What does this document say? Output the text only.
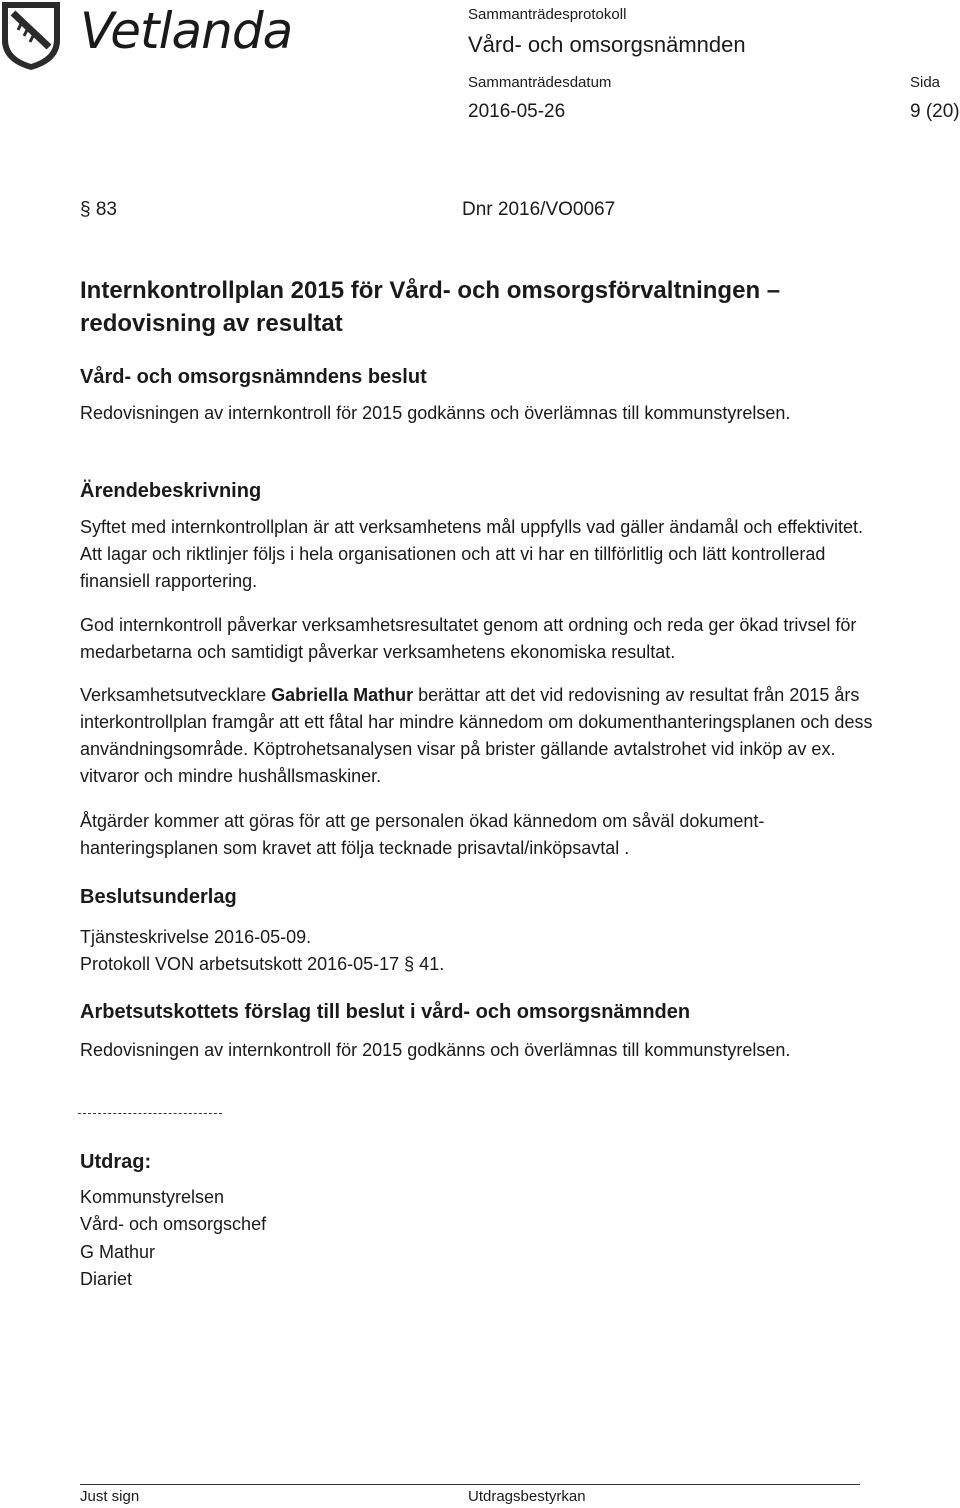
Vetlanda	Sammanträdesprotokoll
Vård- och omsorgsnämnden
Sammanträdesdatum
2016-05-26
Sida
9 (20)
§ 83	Dnr 2016/VO0067
Internkontrollplan 2015 för Vård- och omsorgsförvaltningen –
redovisning av resultat
Vård- och omsorgsnämndens beslut
Redovisningen av internkontroll för 2015 godkänns och överlämnas till kommunstyrelsen.
Ärendebeskrivning
Syftet med internkontrollplan är att verksamhetens mål uppfylls vad gäller ändamål och effektivitet. Att lagar och riktlinjer följs i hela organisationen och att vi har en tillförlitlig och lätt kontrollerad finansiell rapportering.
God internkontroll påverkar verksamhetsresultatet genom att ordning och reda ger ökad trivsel för medarbetarna och samtidigt påverkar verksamhetens ekonomiska resultat.
Verksamhetsutvecklare Gabriella Mathur berättar att det vid redovisning av resultat från 2015 års interkontrollplan framgår att ett fåtal har mindre kännedom om dokumenthanteringsplanen och dess användningsområde. Köptrohetsanalysen visar på brister gällande avtalstrohet vid inköp av ex. vitvaror och mindre hushållsmaskiner.
Åtgärder kommer att göras för att ge personalen ökad kännedom om såväl dokument-hanteringsplanen som kravet att följa tecknade prisavtal/inköpsavtal .
Beslutsunderlag
Tjänsteskrivelse 2016-05-09.
Protokoll VON arbetsutskott 2016-05-17 § 41.
Arbetsutskottets förslag till beslut i vård- och omsorgsnämnden
Redovisningen av internkontroll för 2015 godkänns och överlämnas till kommunstyrelsen.
Utdrag:
Kommunstyrelsen
Vård- och omsorgschef
G Mathur
Diariet
Just sign	Utdragsbestyrkan
